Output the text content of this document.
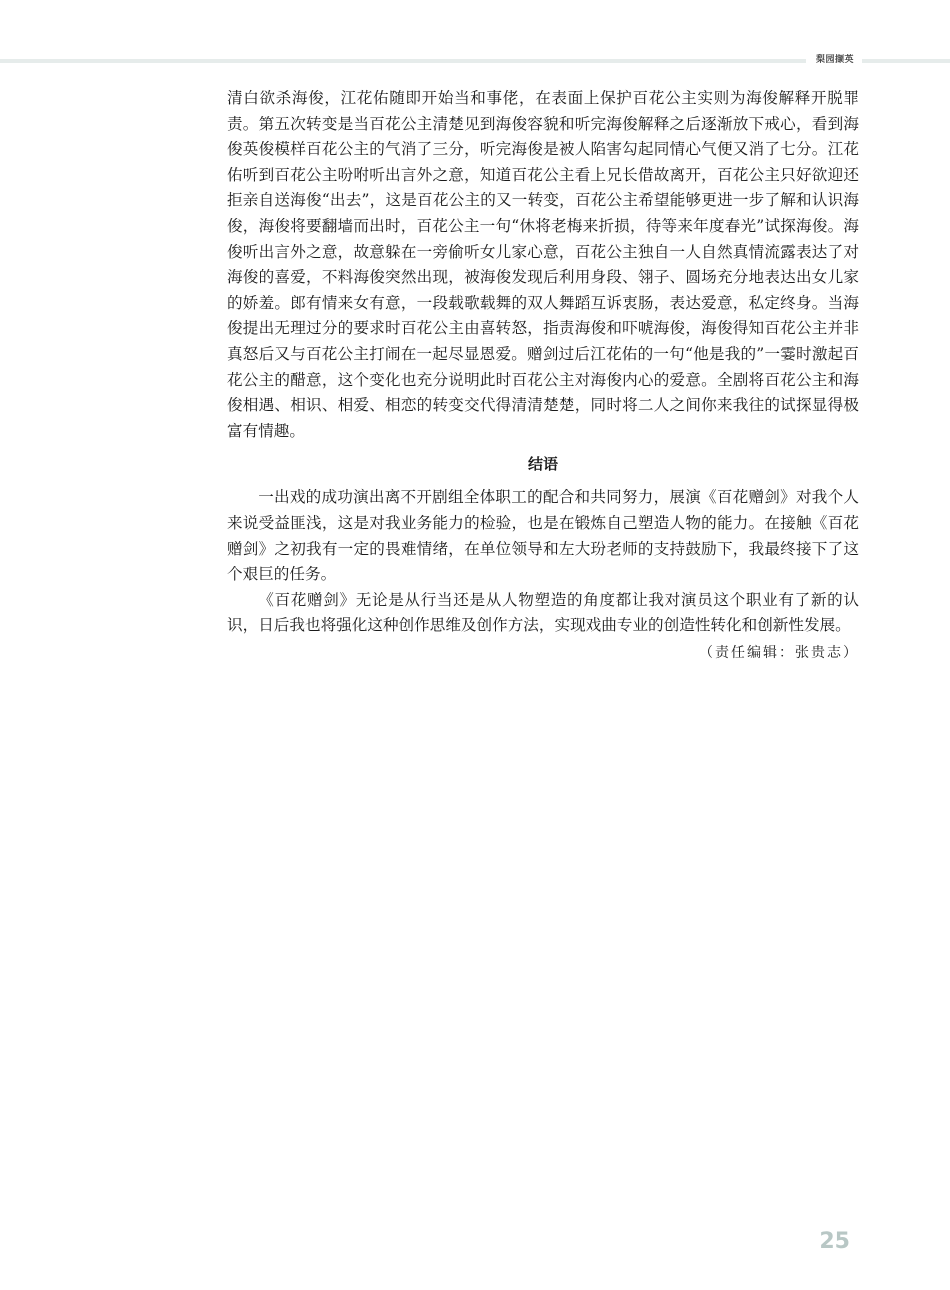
梨园撷英

清白欲杀海俊，江花佑随即开始当和事佬，在表面上保护百花公主实则为海俊解释开脱罪责。第五次转变是当百花公主清楚见到海俊容貌和听完海俊解释之后逐渐放下戒心，看到海俊英俊模样百花公主的气消了三分，听完海俊是被人陷害勾起同情心气便又消了七分。江花佑听到百花公主吩咐听出言外之意，知道百花公主看上兄长借故离开，百花公主只好欲迎还拒亲自送海俊“出去”，这是百花公主的又一转变，百花公主希望能够更进一步了解和认识海俊，海俊将要翻墙而出时，百花公主一句“休将老梅来折损，待等来年度春光”试探海俊。海俊听出言外之意，故意躲在一旁偷听女儿家心意，百花公主独自一人自然真情流露表达了对海俊的喜爱，不料海俊突然出现，被海俊发现后利用身段、翎子、圆场充分地表达出女儿家的娇羞。郎有情来女有意，一段载歌载舞的双人舞蹈互诉衷肠，表达爱意，私定终身。当海俊提出无理过分的要求时百花公主由喜转怒，指责海俊和吓唬海俊，海俊得知百花公主并非真怒后又与百花公主打闹在一起尽显恩爱。赠剑过后江花佑的一句“他是我的”一霎时激起百花公主的醋意，这个变化也充分说明此时百花公主对海俊内心的爱意。全剧将百花公主和海俊相遇、相识、相爱、相恋的转变交代得清清楚楚，同时将二人之间你来我往的试探显得极富有情趣。

结语

一出戏的成功演出离不开剧组全体职工的配合和共同努力，展演《百花赠剑》对我个人来说受益匪浅，这是对我业务能力的检验，也是在锻炼自己塑造人物的能力。在接触《百花赠剑》之初我有一定的畏难情绪，在单位领导和左大玢老师的支持鼓励下，我最终接下了这个艰巨的任务。

《百花赠剑》无论是从行当还是从人物塑造的角度都让我对演员这个职业有了新的认识，日后我也将强化这种创作思维及创作方法，实现戏曲专业的创造性转化和创新性发展。

（责任编辑：张贵志）

25
